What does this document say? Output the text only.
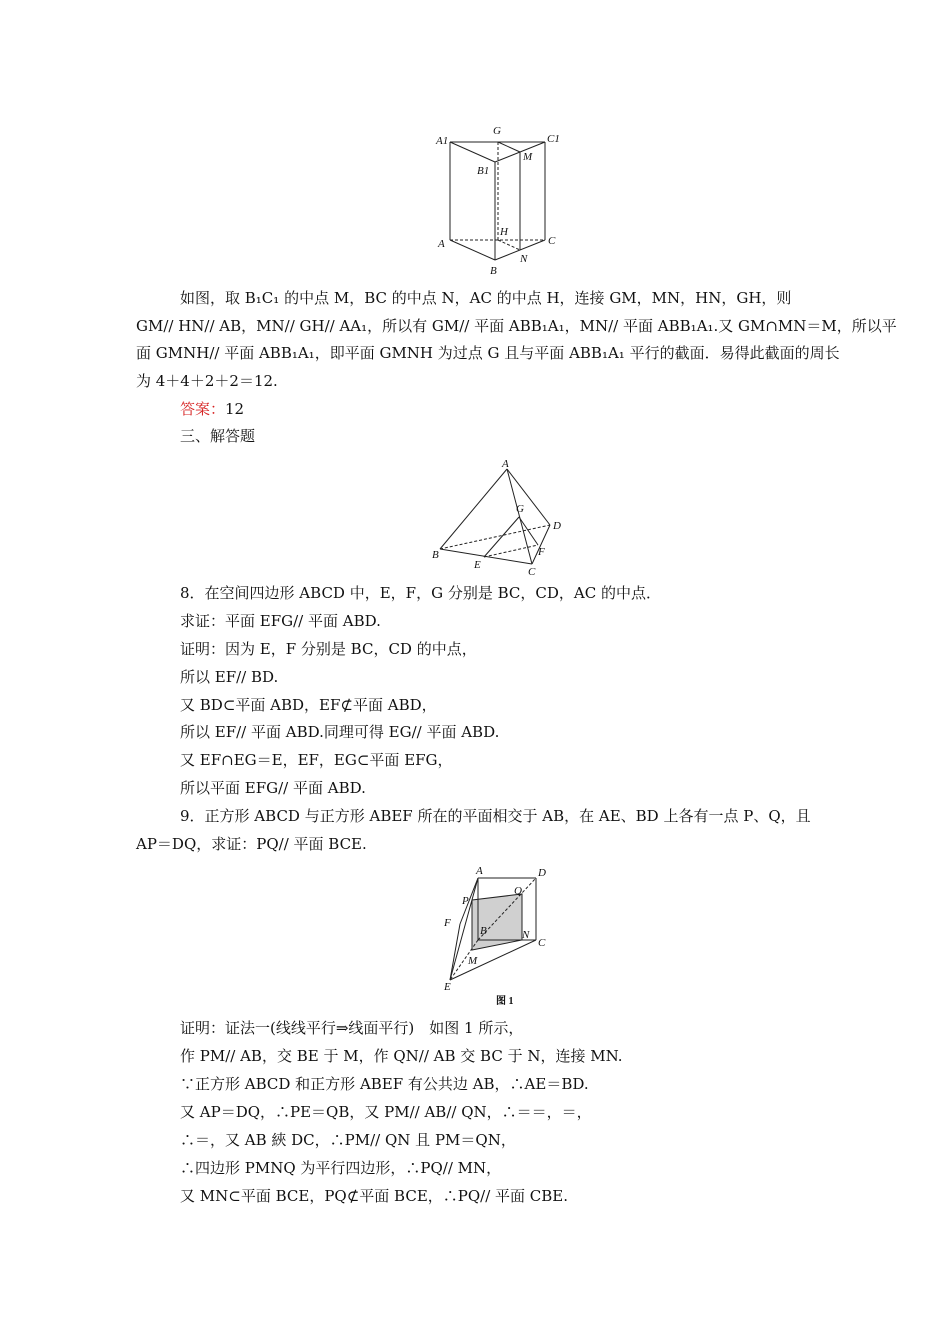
A1
G
C1
M
B1
H
A	C
B
N
如图，取 B₁C₁ 的中点 M，BC 的中点 N，AC 的中点 H，连接 GM，MN，HN，GH，则
GM// HN// AB，MN// GH// AA₁，所以有 GM// 平面 ABB₁A₁，MN// 平面 ABB₁A₁.又 GM∩MN＝M，所以平
面 GMNH// 平面 ABB₁A₁，即平面 GMNH 为过点 G 且与平面 ABB₁A₁ 平行的截面．易得此截面的周长
为 4＋4＋2＋2＝12.
答案：12
三、解答题
A
G
D
B
E
F
C
8．在空间四边形 ABCD 中，E，F，G 分别是 BC，CD，AC 的中点．
求证：平面 EFG// 平面 ABD.
证明：因为 E，F 分别是 BC，CD 的中点，
所以 EF// BD.
又 BD⊂平面 ABD，EF⊄平面 ABD，
所以 EF// 平面 ABD.同理可得 EG// 平面 ABD.
又 EF∩EG＝E，EF，EG⊂平面 EFG，
所以平面 EFG// 平面 ABD.
9．正方形 ABCD 与正方形 ABEF 所在的平面相交于 AB，在 AE、BD 上各有一点 P、Q，且
AP＝DQ，求证：PQ// 平面 BCE.
A	D
Q
P
F
B	N
C
M
E
图 1
证明：证法一(线线平行⇒线面平行)　如图 1 所示，
作 PM// AB，交 BE 于 M，作 QN// AB 交 BC 于 N，连接 MN.
∵正方形 ABCD 和正方形 ABEF 有公共边 AB，∴AE＝BD.
又 AP＝DQ，∴PE＝QB，又 PM// AB// QN，∴＝＝，＝，
∴＝，又 AB 綊 DC，∴PM// QN 且 PM＝QN，
∴四边形 PMNQ 为平行四边形，∴PQ// MN，
又 MN⊂平面 BCE，PQ⊄平面 BCE，∴PQ// 平面 CBE.
